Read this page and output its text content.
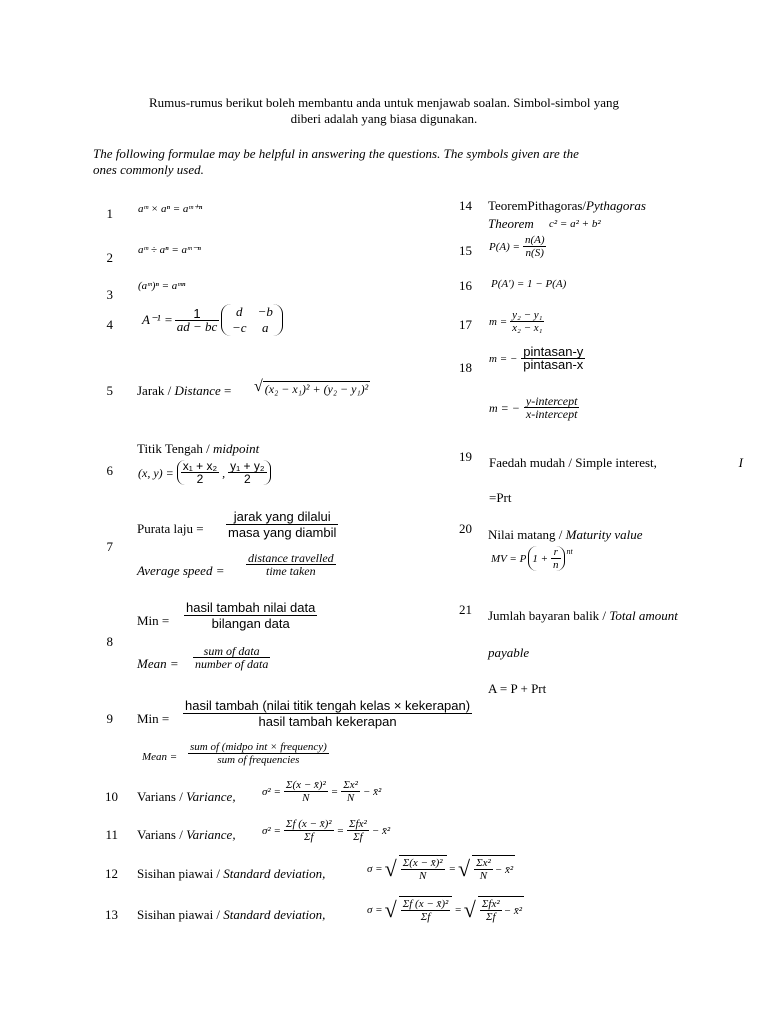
Rumus-rumus berikut boleh membantu anda untuk menjawab soalan. Simbol-simbol yang
diberi adalah yang biasa digunakan.
The following formulae may be helpful in answering the questions. The symbols given are the
ones commonly used.
1 aᵐ × aⁿ = aᵐ⁺ⁿ
2 aᵐ ÷ aⁿ = aᵐ⁻ⁿ
3
(aᵐ)ⁿ = aᵐⁿ
4 $A^{-1} = \frac{1}{ad - bc}$	d	−b
−c	a
5 Jarak / Distance = √ (x₂ − x₁)² + (y₂ − y₁)²
Titik Tengah / midpoint
6 (x, $y) = \frac{\text{x₁ + x₂}}{2}$ , $\frac{\text{y₁ + y₂}}{2}$
7
Purata laju = $\frac{\text{jarak yang dilalui}}{\text{masa yang diambil}}$
Average speed = $\frac{\text{distance travelled}}{\text{time taken}}$
8
Min = $\frac{\text{hasil tambah nilai data}}{\text{bilangan data}}$
Mean = $\frac{\text{sum of data}}{\text{number of data}}$
9 Min = $\frac{\text{hasil tambah (nilai titik tengah kelas × kekerapan)}}{\text{hasil tambah kekerapan}}$
Mean = $\frac{\text{sum of (midpo int × frequency)}}{\text{sum of frequencies}}$
10 Varians / Variance, $\sigma^2 = \frac{\text{Σ(x − x̄)²}}{N} = \frac{\text{Σx²}}{N}$ − x̄²
11 Varians / Variance, $\sigma^2 = \frac{\text{Σf (x − x̄)²}}{\Sigma f} = \frac{\text{Σfx²}}{\Sigma f}$ − x̄²
12 Sisihan piawai / Standard deviation,	σ = √ $\frac{\text{Σ(x − x̄)²}}{N}$ = √ $\frac{\text{Σx²}}{N}$ − x̄²
13 Sisihan piawai / Standard deviation,	σ = √ $\frac{\text{Σf (x − x̄)²}}{\Sigma f}$ = √ $\frac{\text{Σfx²}}{\Sigma f}$ − x̄²
14 TeoremPithagoras/Pythagoras
Theorem c² = a² + b²
15 $P(A) = \frac{n(A)}{n(S)}$
16 P(A') = 1 − P(A)
17 $m = \frac{\text{y₂ − y₁}}{\text{x₂ − x₁}}$
18
m = − $\frac{\text{pintasan-y}}{\text{pintasan-x}}$
m = − $\frac{\text{y-intercept}}{\text{x-intercept}}$
19 Faedah mudah / Simple interest,	I
=Prt
20 Nilai matang / Maturity value
MV = P $1 + \frac{r}{n}$ nt
21 Jumlah bayaran balik / Total amount
payable
A = P + Prt
